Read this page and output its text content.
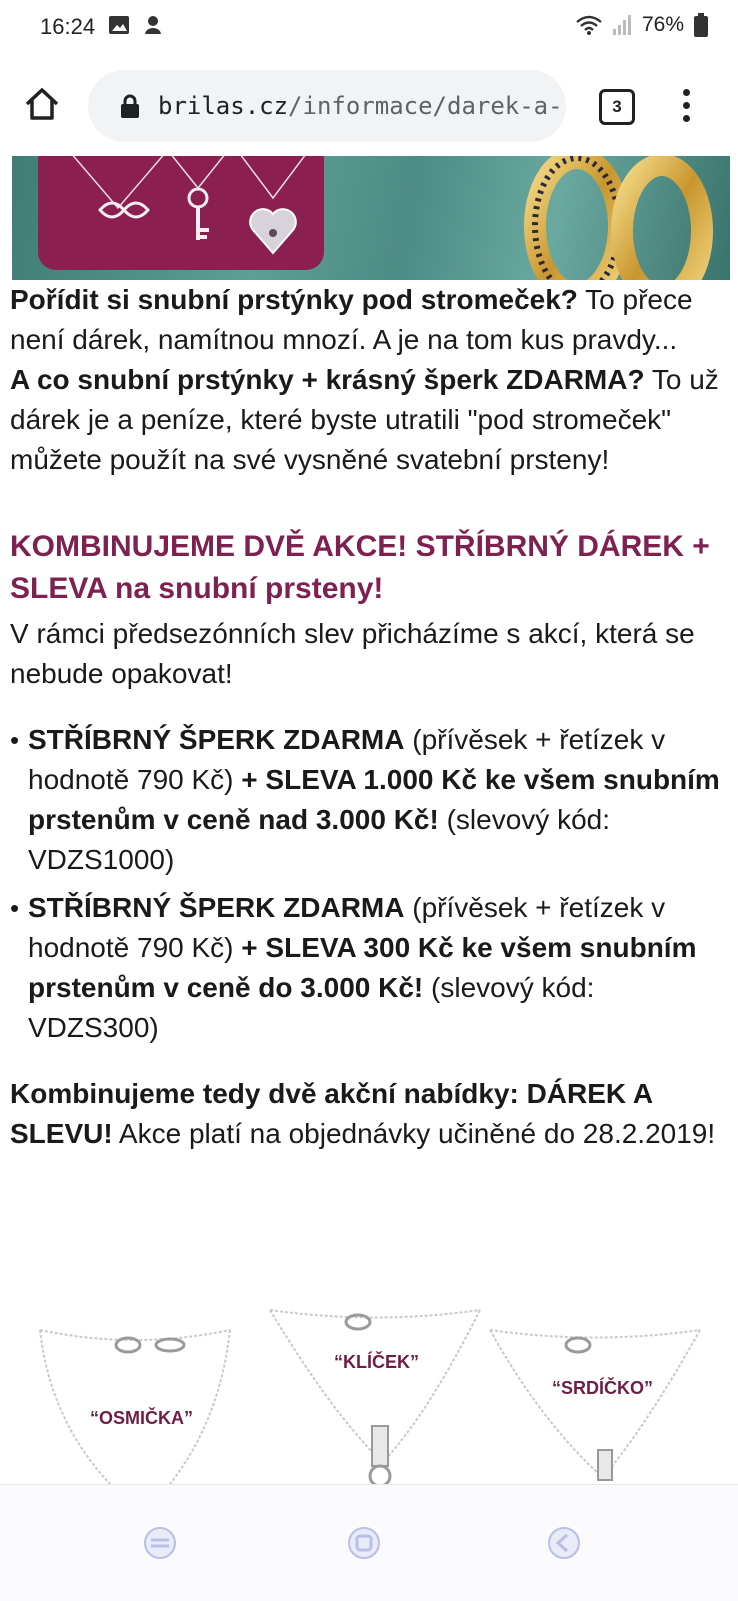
16:24	76%
brilas.cz/informace/darek-a-	3

Pořídit si snubní prstýnky pod stromeček? To přece není dárek, namítnou mnozí. A je na tom kus pravdy...

A co snubní prstýnky + krásný šperk ZDARMA? To už dárek je a peníze, které byste utratili "pod stromeček" můžete použít na své vysněné svatební prsteny!

KOMBINUJEME DVĚ AKCE! STŘÍBRNÝ DÁREK + SLEVA na snubní prsteny!

V rámci předsezónních slev přicházíme s akcí, která se nebude opakovat!

• STŘÍBRNÝ ŠPERK ZDARMA (přívěsek + řetízek v hodnotě 790 Kč) + SLEVA 1.000 Kč ke všem snubním prstenům v ceně nad 3.000 Kč! (slevový kód: VDZS1000)
• STŘÍBRNÝ ŠPERK ZDARMA (přívěsek + řetízek v hodnotě 790 Kč) + SLEVA 300 Kč ke všem snubním prstenům v ceně do 3.000 Kč! (slevový kód: VDZS300)

Kombinujeme tedy dvě akční nabídky: DÁREK A SLEVU! Akce platí na objednávky učiněné do 28.2.2019!

“OSMIČKA”
“KLÍČEK”
“SRDÍČKO”
